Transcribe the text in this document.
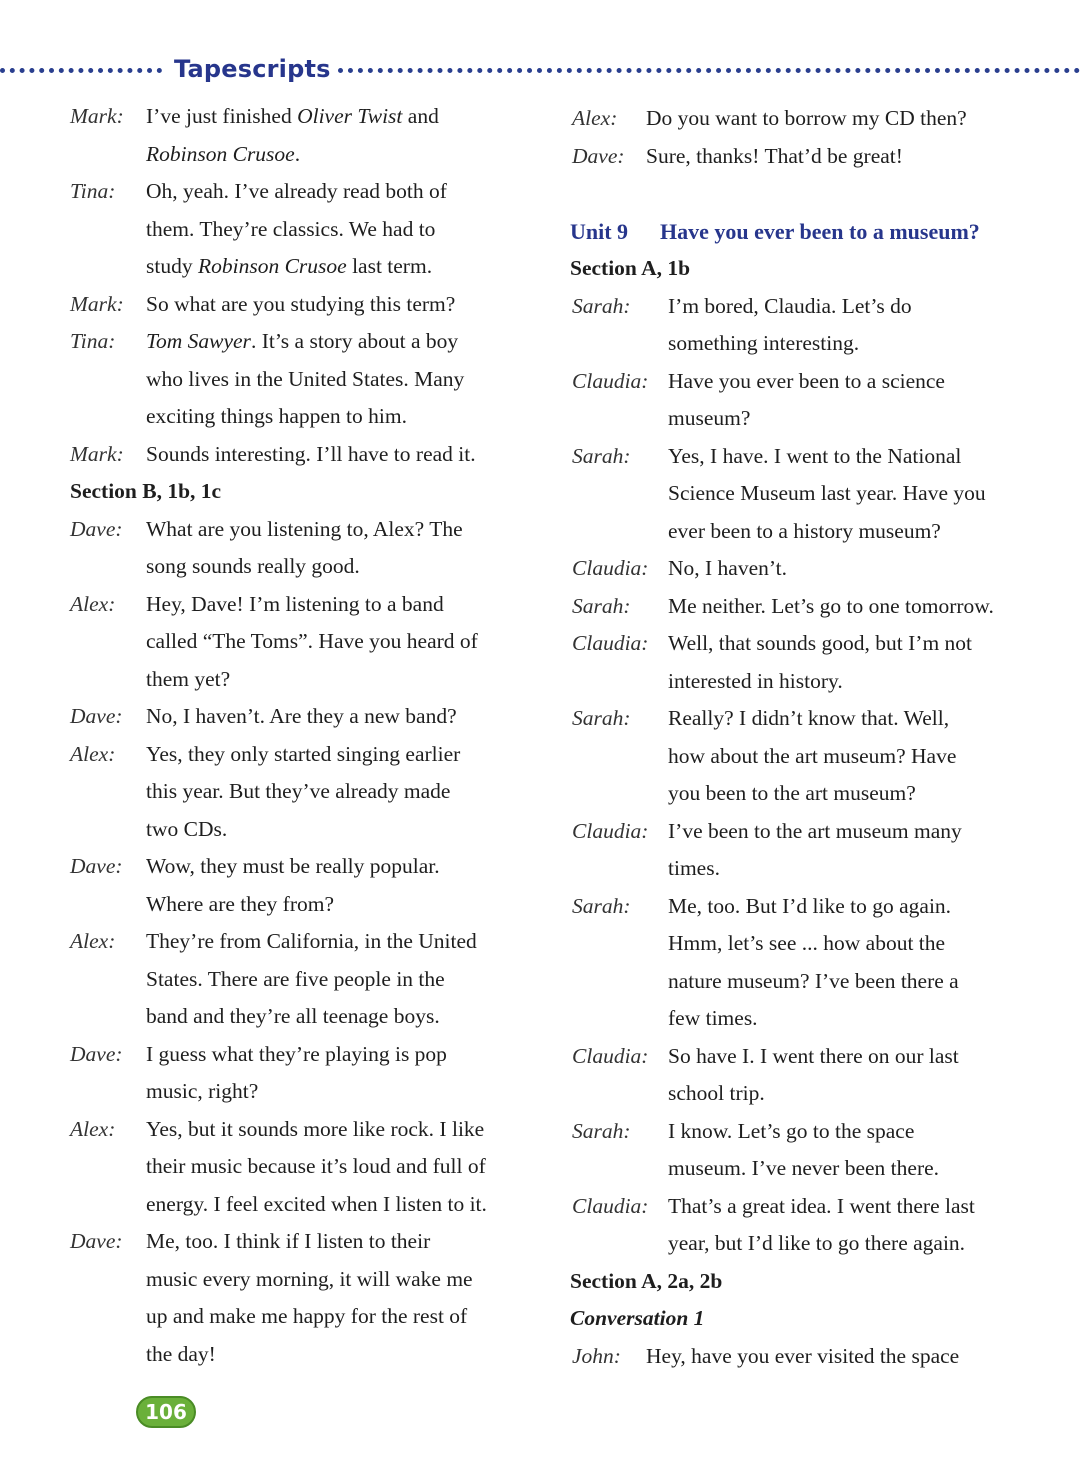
Tapescripts
Mark: I’ve just finished Oliver Twist and
Robinson Crusoe.
Tina: Oh, yeah. I’ve already read both of
them. They’re classics. We had to
study Robinson Crusoe last term.
Mark: So what are you studying this term?
Tina: Tom Sawyer. It’s a story about a boy
who lives in the United States. Many
exciting things happen to him.
Mark: Sounds interesting. I’ll have to read it.
Section B, 1b, 1c
Dave: What are you listening to, Alex? The
song sounds really good.
Alex: Hey, Dave! I’m listening to a band
called “The Toms”. Have you heard of
them yet?
Dave: No, I haven’t. Are they a new band?
Alex: Yes, they only started singing earlier
this year. But they’ve already made
two CDs.
Dave: Wow, they must be really popular.
Where are they from?
Alex: They’re from California, in the United
States. There are five people in the
band and they’re all teenage boys.
Dave: I guess what they’re playing is pop
music, right?
Alex: Yes, but it sounds more like rock. I like
their music because it’s loud and full of
energy. I feel excited when I listen to it.
Dave: Me, too. I think if I listen to their
music every morning, it will wake me
up and make me happy for the rest of
the day!
Alex: Do you want to borrow my CD then?
Dave: Sure, thanks! That’d be great!
Unit 9 Have you ever been to a museum?
Section A, 1b
Sarah: I’m bored, Claudia. Let’s do
something interesting.
Claudia: Have you ever been to a science
museum?
Sarah: Yes, I have. I went to the National
Science Museum last year. Have you
ever been to a history museum?
Claudia: No, I haven’t.
Sarah: Me neither. Let’s go to one tomorrow.
Claudia: Well, that sounds good, but I’m not
interested in history.
Sarah: Really? I didn’t know that. Well,
how about the art museum? Have
you been to the art museum?
Claudia: I’ve been to the art museum many
times.
Sarah: Me, too. But I’d like to go again.
Hmm, let’s see ... how about the
nature museum? I’ve been there a
few times.
Claudia: So have I. I went there on our last
school trip.
Sarah: I know. Let’s go to the space
museum. I’ve never been there.
Claudia: That’s a great idea. I went there last
year, but I’d like to go there again.
Section A, 2a, 2b
Conversation 1
John: Hey, have you ever visited the space
106
